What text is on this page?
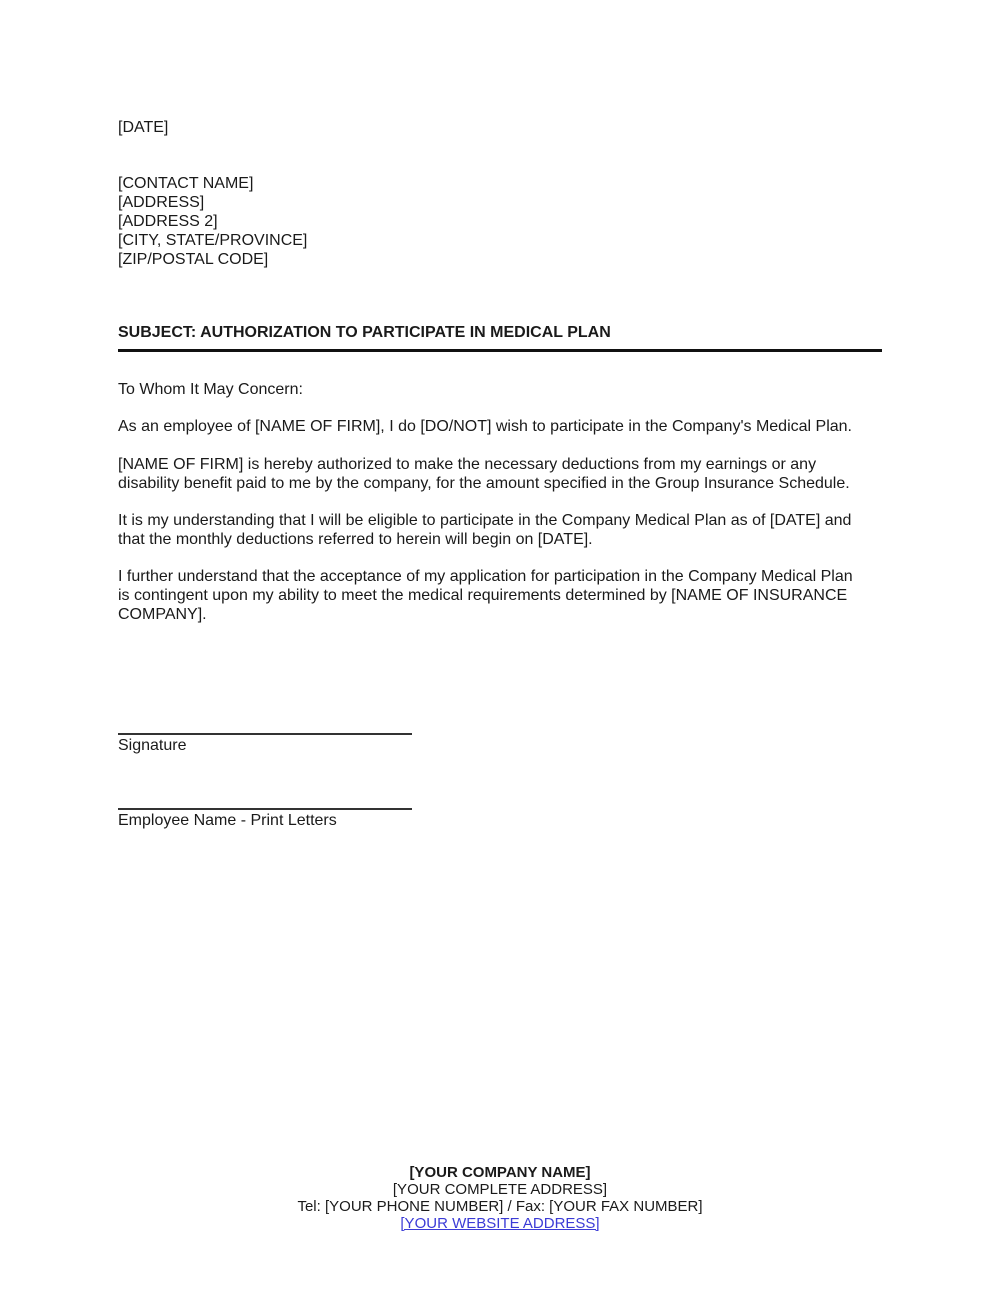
[DATE]
[CONTACT NAME]
[ADDRESS]
[ADDRESS 2]
[CITY, STATE/PROVINCE]
[ZIP/POSTAL CODE]
SUBJECT: AUTHORIZATION TO PARTICIPATE IN MEDICAL PLAN
To Whom It May Concern:
As an employee of [NAME OF FIRM], I do [DO/NOT] wish to participate in the Company's Medical Plan.
[NAME OF FIRM] is hereby authorized to make the necessary deductions from my earnings or any
disability benefit paid to me by the company, for the amount specified in the Group Insurance Schedule.
It is my understanding that I will be eligible to participate in the Company Medical Plan as of [DATE] and
that the monthly deductions referred to herein will begin on [DATE].
I further understand that the acceptance of my application for participation in the Company Medical Plan
is contingent upon my ability to meet the medical requirements determined by [NAME OF INSURANCE
COMPANY].
Signature
Employee Name - Print Letters
[YOUR COMPANY NAME]
[YOUR COMPLETE ADDRESS]
Tel: [YOUR PHONE NUMBER] / Fax: [YOUR FAX NUMBER]
[YOUR WEBSITE ADDRESS]
